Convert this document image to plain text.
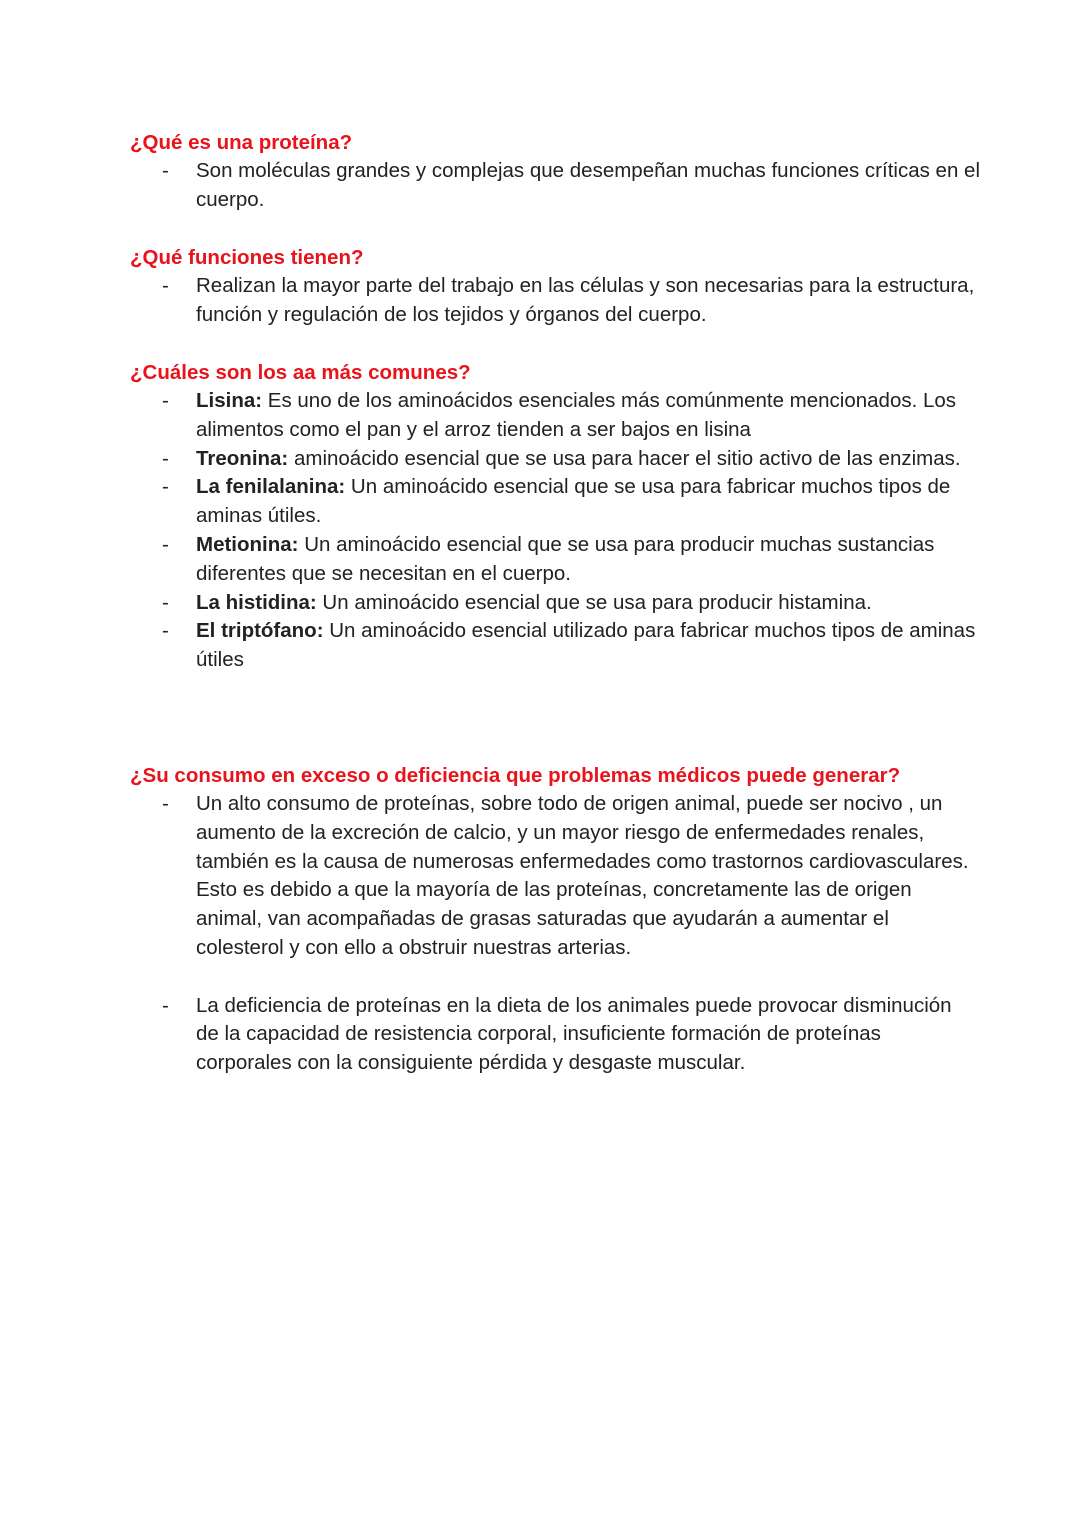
¿Qué es una proteína?

- Son moléculas grandes y complejas que desempeñan muchas funciones críticas en el cuerpo.

¿Qué funciones tienen?

- Realizan la mayor parte del trabajo en las células y son necesarias para la estructura, función y regulación de los tejidos y órganos del cuerpo.

¿Cuáles son los aa más comunes?

- Lisina: Es uno de los aminoácidos esenciales más comúnmente mencionados. Los alimentos como el pan y el arroz tienden a ser bajos en lisina

- Treonina: aminoácido esencial que se usa para hacer el sitio activo de las enzimas.

- La fenilalanina: Un aminoácido esencial que se usa para fabricar muchos tipos de aminas útiles.

- Metionina: Un aminoácido esencial que se usa para producir muchas sustancias diferentes que se necesitan en el cuerpo.

- La histidina: Un aminoácido esencial que se usa para producir histamina.

- El triptófano: Un aminoácido esencial utilizado para fabricar muchos tipos de aminas útiles

¿Su consumo en exceso o deficiencia que problemas médicos puede generar?

- Un alto consumo de proteínas, sobre todo de origen animal, puede ser nocivo , un aumento de la excreción de calcio, y un mayor riesgo de enfermedades renales, también es la causa de numerosas enfermedades como trastornos cardiovasculares. Esto es debido a que la mayoría de las proteínas, concretamente las de origen animal, van acompañadas de grasas saturadas que ayudarán a aumentar el colesterol y con ello a obstruir nuestras arterias.

- La deficiencia de proteínas en la dieta de los animales puede provocar disminución de la capacidad de resistencia corporal, insuficiente formación de proteínas corporales con la consiguiente pérdida y desgaste muscular.
